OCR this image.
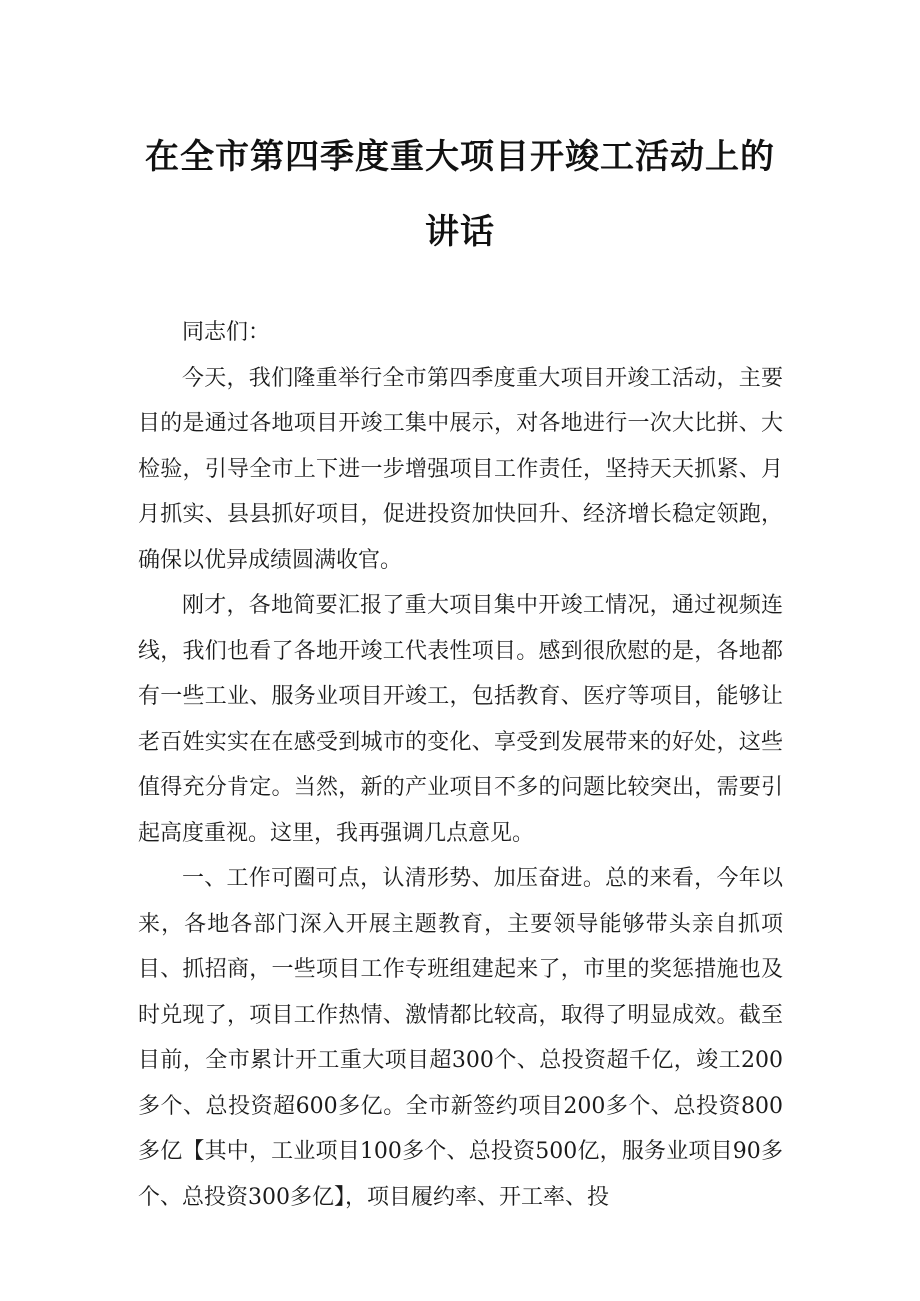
在全市第四季度重大项目开竣工活动上的
讲话

同志们：

今天，我们隆重举行全市第四季度重大项目开竣工活动，主要目的是通过各地项目开竣工集中展示，对各地进行一次大比拼、大检验，引导全市上下进一步增强项目工作责任，坚持天天抓紧、月月抓实、县县抓好项目，促进投资加快回升、经济增长稳定领跑，确保以优异成绩圆满收官。

刚才，各地简要汇报了重大项目集中开竣工情况，通过视频连线，我们也看了各地开竣工代表性项目。感到很欣慰的是，各地都有一些工业、服务业项目开竣工，包括教育、医疗等项目，能够让老百姓实实在在感受到城市的变化、享受到发展带来的好处，这些值得充分肯定。当然，新的产业项目不多的问题比较突出，需要引起高度重视。这里，我再强调几点意见。

一、工作可圈可点，认清形势、加压奋进。总的来看，今年以来，各地各部门深入开展主题教育，主要领导能够带头亲自抓项目、抓招商，一些项目工作专班组建起来了，市里的奖惩措施也及时兑现了，项目工作热情、激情都比较高，取得了明显成效。截至目前，全市累计开工重大项目超300个、总投资超千亿，竣工200多个、总投资超600多亿。全市新签约项目200多个、总投资800多亿【其中，工业项目100多个、总投资500亿，服务业项目90多个、总投资300多亿】，项目履约率、开工率、投
